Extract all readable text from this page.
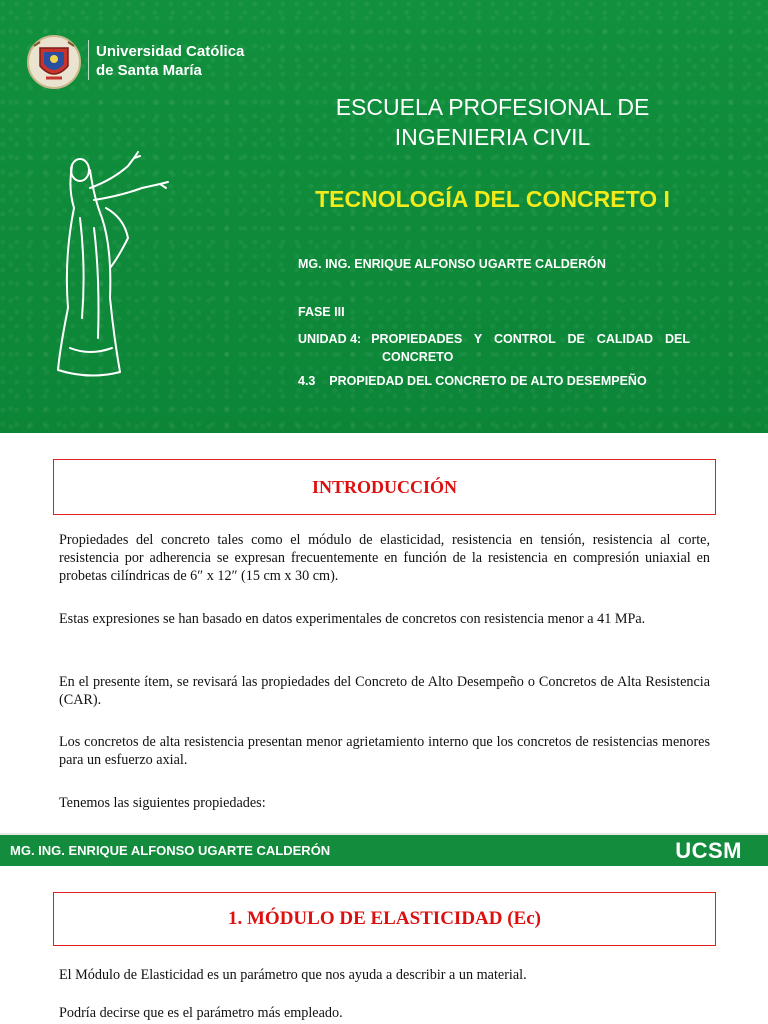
Universidad Católica
de Santa María
ESCUELA PROFESIONAL DE
INGENIERIA CIVIL
TECNOLOGÍA DEL CONCRETO I
MG. ING. ENRIQUE ALFONSO UGARTE CALDERÓN
FASE III
UNIDAD 4: PROPIEDADES Y CONTROL DE CALIDAD DEL
CONCRETO
4.3    PROPIEDAD DEL CONCRETO DE ALTO DESEMPEÑO
INTRODUCCIÓN
Propiedades del concreto tales como el módulo de elasticidad, resistencia en tensión, resistencia al corte, resistencia por adherencia se expresan frecuentemente en función de la resistencia en compresión uniaxial en probetas cilíndricas de 6″ x 12″ (15 cm x 30 cm).
Estas expresiones se han basado en datos experimentales de concretos con resistencia menor a 41 MPa.
En el presente ítem, se revisará las propiedades del Concreto de Alto Desempeño o Concretos de Alta Resistencia (CAR).
Los concretos de alta resistencia presentan menor agrietamiento interno que los concretos de resistencias menores para un esfuerzo axial.
Tenemos las siguientes propiedades:
MG. ING. ENRIQUE ALFONSO UGARTE CALDERÓN	UCSM
1. MÓDULO DE ELASTICIDAD (Ec)
El Módulo de Elasticidad es un parámetro que nos ayuda a describir a un material.
Podría decirse que es el parámetro más empleado.
